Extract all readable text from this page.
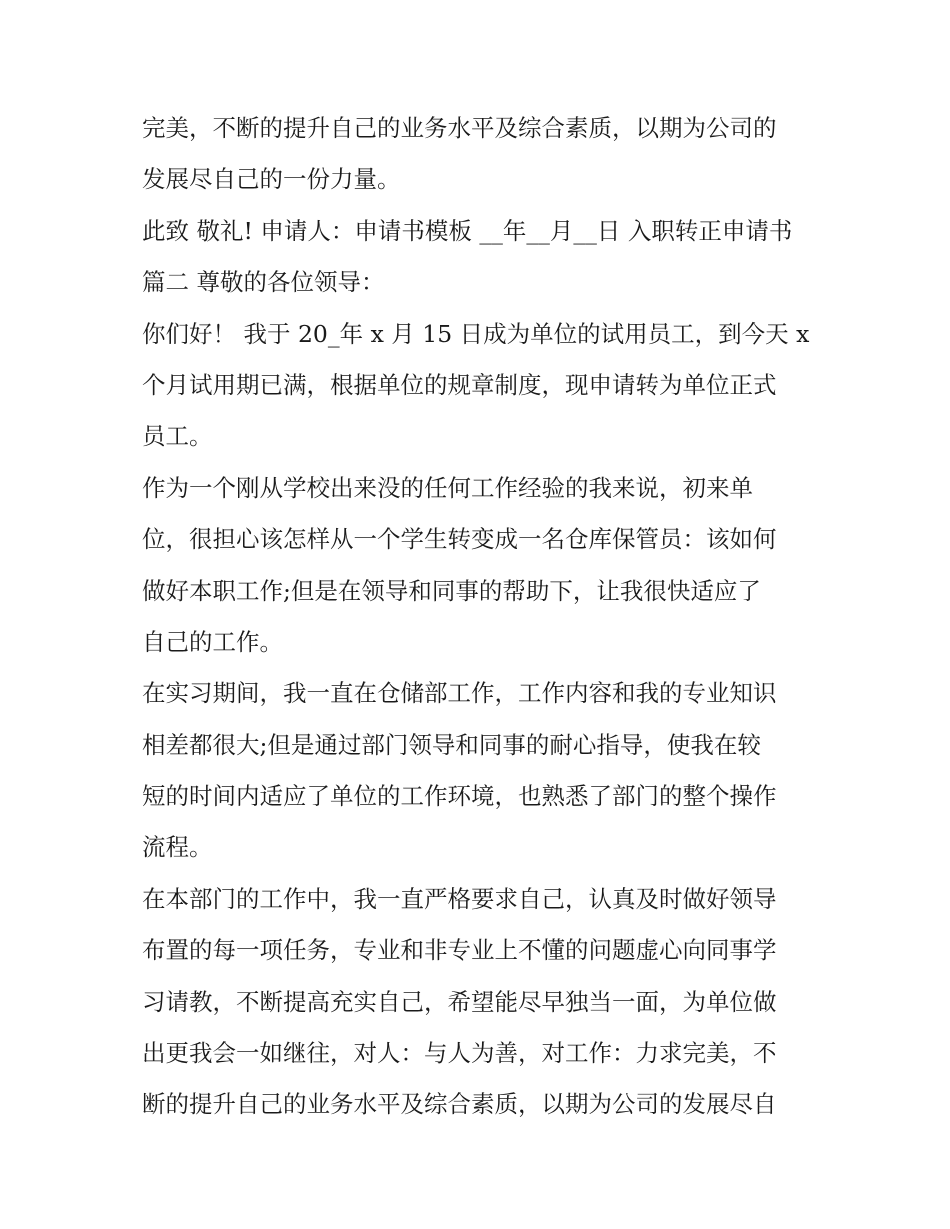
完美，不断的提升自己的业务水平及综合素质，以期为公司的
发展尽自己的一份力量。
此致 敬礼! 申请人：申请书模板 __年__月__日 入职转正申请书
篇二 尊敬的各位领导：
你们好！ 我于 20_年 x 月 15 日成为单位的试用员工，到今天 x
个月试用期已满，根据单位的规章制度，现申请转为单位正式
员工。
作为一个刚从学校出来没的任何工作经验的我来说，初来单
位，很担心该怎样从一个学生转变成一名仓库保管员：该如何
做好本职工作;但是在领导和同事的帮助下，让我很快适应了
自己的工作。
在实习期间，我一直在仓储部工作，工作内容和我的专业知识
相差都很大;但是通过部门领导和同事的耐心指导，使我在较
短的时间内适应了单位的工作环境，也熟悉了部门的整个操作
流程。
在本部门的工作中，我一直严格要求自己，认真及时做好领导
布置的每一项任务，专业和非专业上不懂的问题虚心向同事学
习请教，不断提高充实自己，希望能尽早独当一面，为单位做
出更我会一如继往，对人：与人为善，对工作：力求完美，不
断的提升自己的业务水平及综合素质，以期为公司的发展尽自
